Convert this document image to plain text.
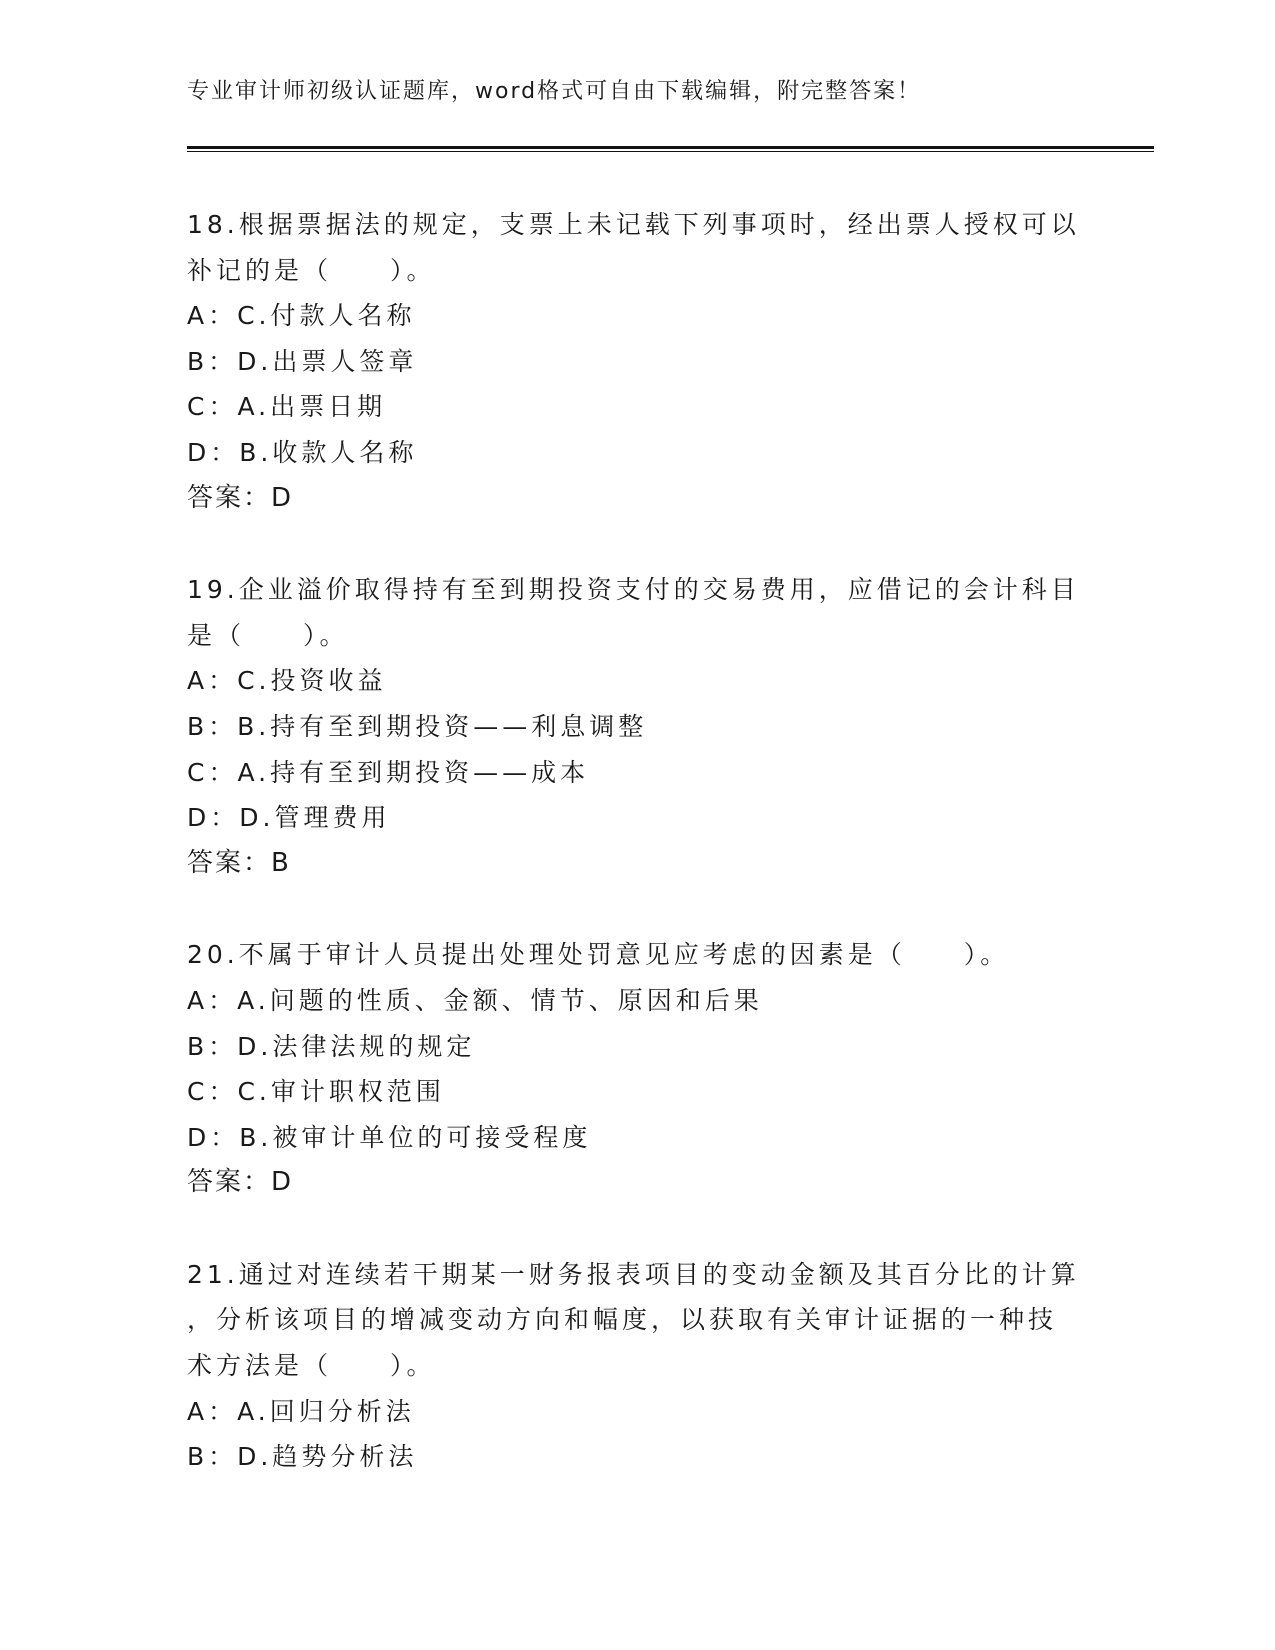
专业审计师初级认证题库，word格式可自由下载编辑，附完整答案！
18.根据票据法的规定，支票上未记载下列事项时，经出票人授权可以
补记的是（　　）。
A：C.付款人名称
B：D.出票人签章
C：A.出票日期
D：B.收款人名称
答案：D
19.企业溢价取得持有至到期投资支付的交易费用，应借记的会计科目
是（　　）。
A：C.投资收益
B：B.持有至到期投资——利息调整
C：A.持有至到期投资——成本
D：D.管理费用
答案：B
20.不属于审计人员提出处理处罚意见应考虑的因素是（　　）。
A：A.问题的性质、金额、情节、原因和后果
B：D.法律法规的规定
C：C.审计职权范围
D：B.被审计单位的可接受程度
答案：D
21.通过对连续若干期某一财务报表项目的变动金额及其百分比的计算
，分析该项目的增减变动方向和幅度，以获取有关审计证据的一种技
术方法是（　　）。
A：A.回归分析法
B：D.趋势分析法
